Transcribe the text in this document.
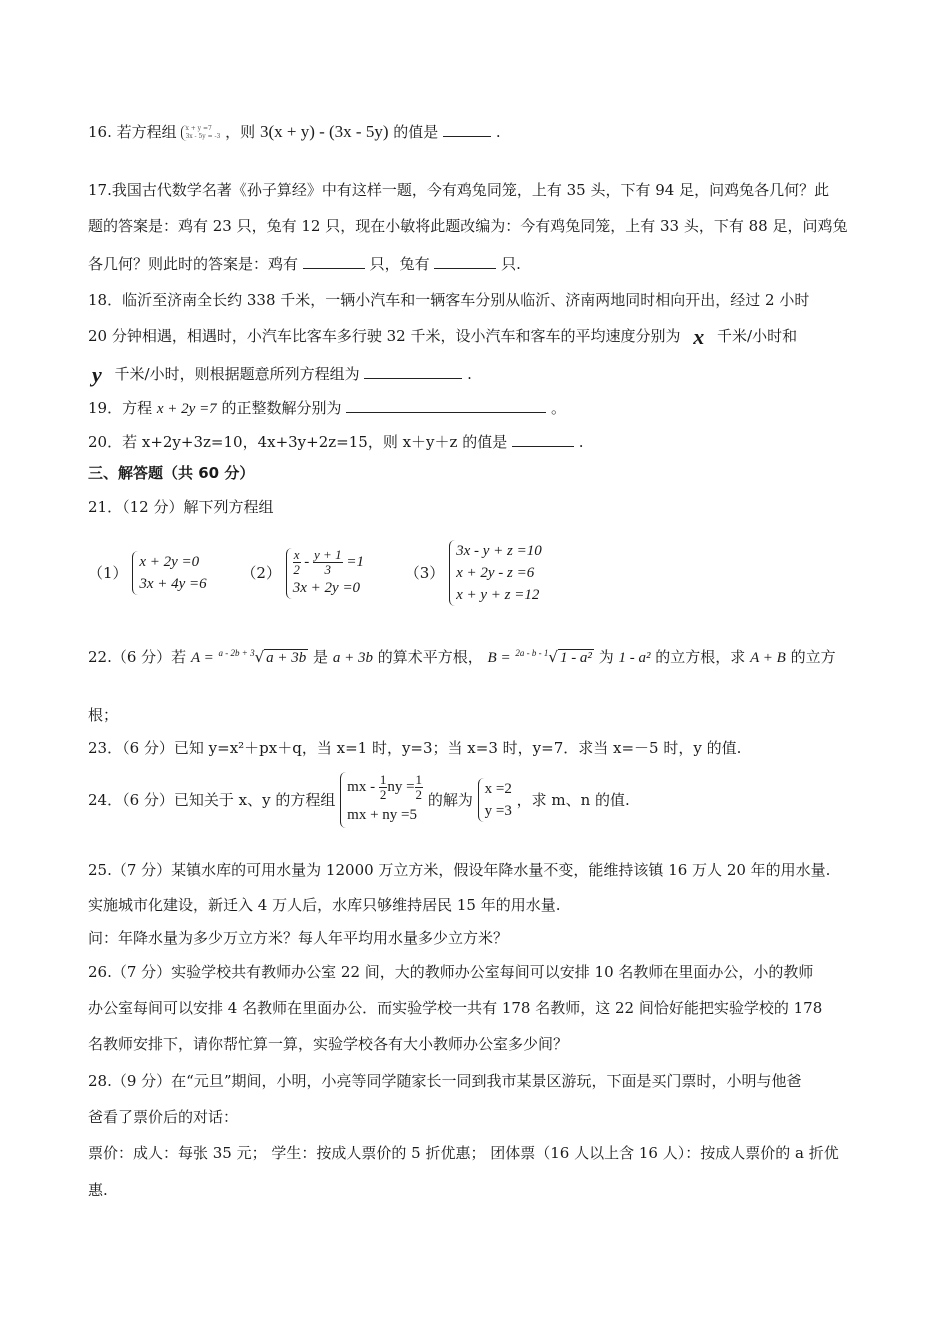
16. 若方程组 x + y =7
3x - 5y = -3 ，则 3(x + y) - (3x - 5y) 的值是	.
17.我国古代数学名著《孙子算经》中有这样一题，今有鸡兔同笼，上有 35 头，下有 94 足，问鸡兔各几何？此
题的答案是：鸡有 23 只，兔有 12 只，现在小敏将此题改编为：今有鸡兔同笼，上有 33 头，下有 88 足，问鸡兔
各几何？则此时的答案是：鸡有	只，兔有	只.
18．临沂至济南全长约 338 千米，一辆小汽车和一辆客车分别从临沂、济南两地同时相向开出，经过 2 小时
20 分钟相遇，相遇时，小汽车比客车多行驶 32 千米，设小汽车和客车的平均速度分别为 x 千米/小时和
y 千米/小时，则根据题意所列方程组为	.
19．方程 x + 2y =7 的正整数解分别为	。
20．若 x+2y+3z=10，4x+3y+2z=15，则 x＋y＋z 的值是	.
三、解答题（共 60 分）
21．（12 分）解下列方程组
（1）
x + 2y =0
3x + 4y =6
$(2) \frac{x}{2} - \frac{y + 1}{3} =1$
3x + 2y =0
（3）
3x - y + z =10
x + 2y - z =6
x + y + z =12
22.（6 分）若 A = $^{a - 2b + 3}$√ a + 3b 是 a + 3b 的算术平方根， B = $^{2a - b - 1}$√ 1 - a² 为 1 - a² 的立方根，求 A + B 的立方
根；
23．（6 分）已知 y=x²＋px＋q，当 x=1 时，y=3；当 x=3 时，y=7．求当 x=－5 时，y 的值.
24．（6 分）已知关于 x、y 的方程组
mx - $\frac{1}{2}$ ny = $\frac{1}{2}$
mx + ny =5
的解为
x =2
y =3
，求 m、n 的值.
25.（7 分）某镇水库的可用水量为 12000 万立方米，假设年降水量不变，能维持该镇 16 万人 20 年的用水量.
实施城市化建设，新迁入 4 万人后，水库只够维持居民 15 年的用水量.
问：年降水量为多少万立方米？每人年平均用水量多少立方米？
26.（7 分）实验学校共有教师办公室 22 间，大的教师办公室每间可以安排 10 名教师在里面办公，小的教师
办公室每间可以安排 4 名教师在里面办公．而实验学校一共有 178 名教师，这 22 间恰好能把实验学校的 178
名教师安排下，请你帮忙算一算，实验学校各有大小教师办公室多少间？
28.（9 分）在“元旦”期间，小明，小亮等同学随家长一同到我市某景区游玩，下面是买门票时，小明与他爸
爸看了票价后的对话：
票价：成人：每张 35 元； 学生：按成人票价的 5 折优惠； 团体票（16 人以上含 16 人）：按成人票价的 a 折优
惠.
